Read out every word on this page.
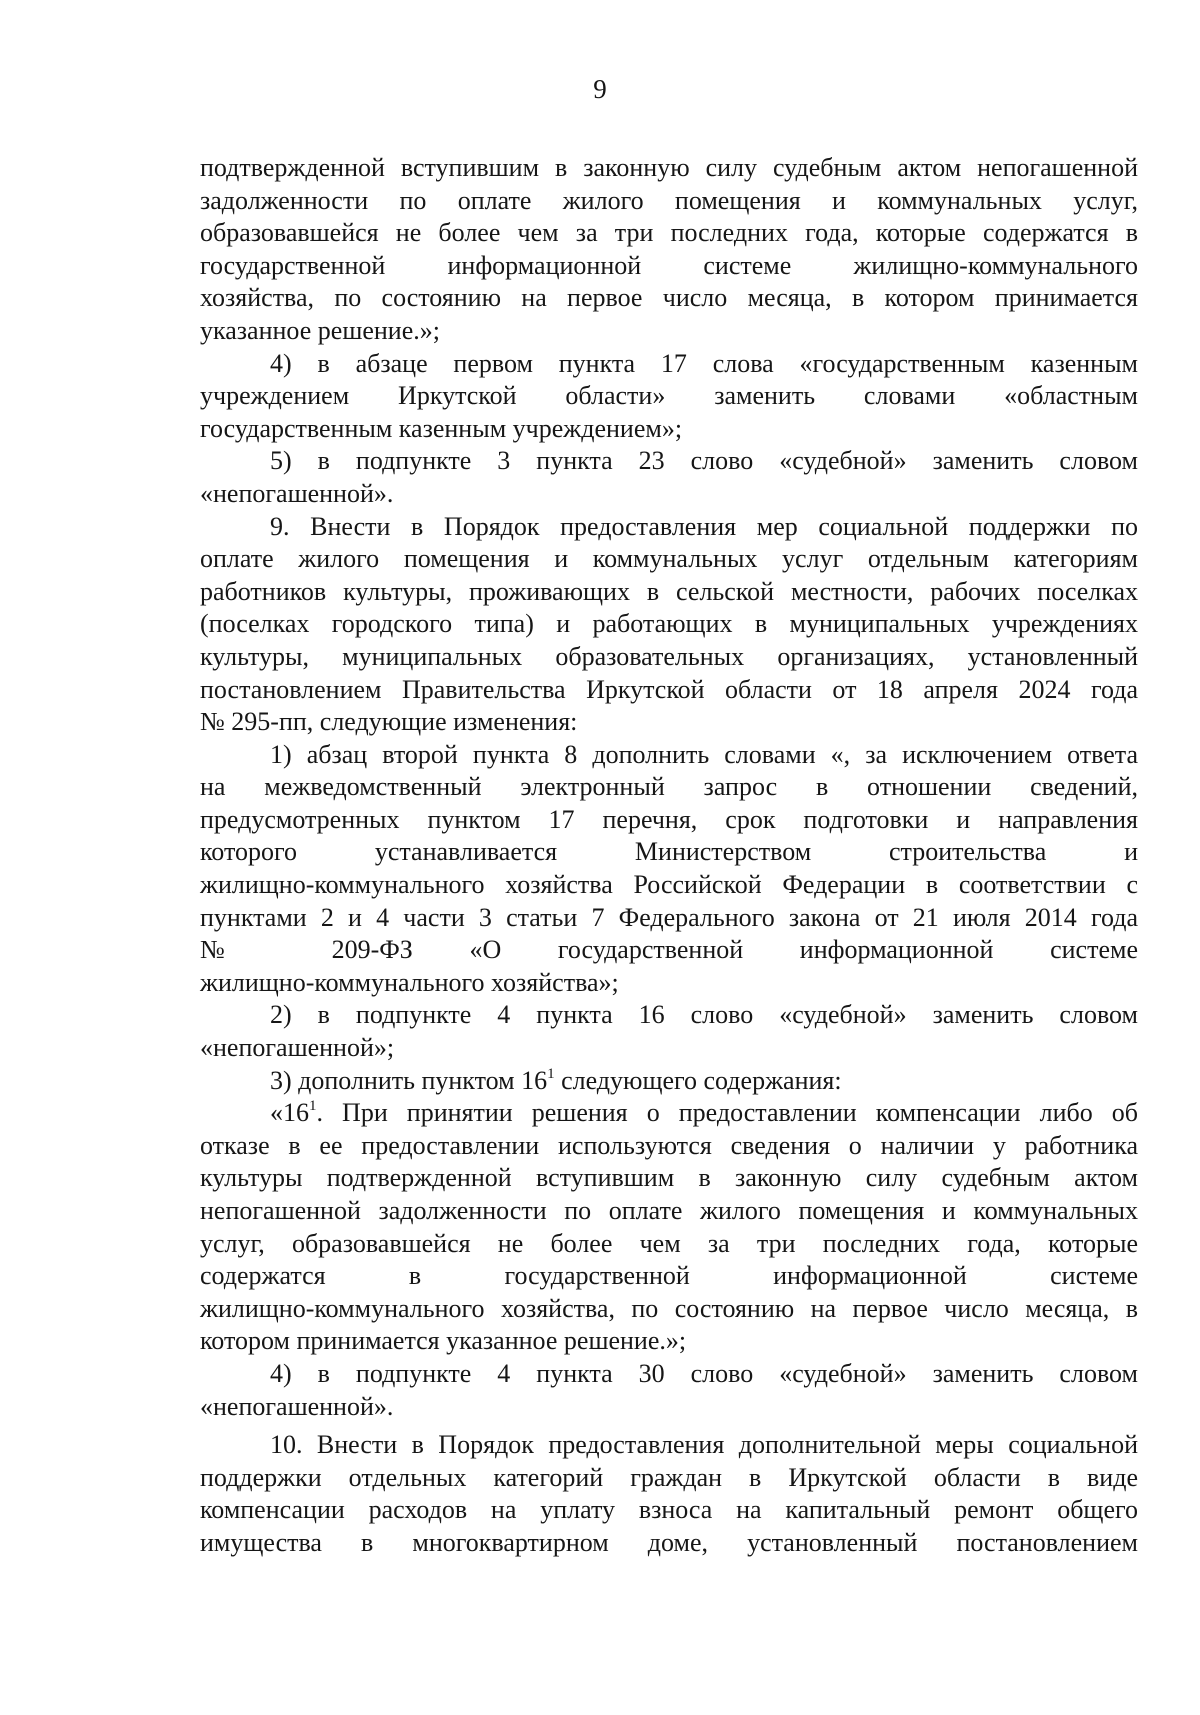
9
подтвержденной вступившим в законную силу судебным актом непогашенной
задолженности по оплате жилого помещения и коммунальных услуг,
образовавшейся не более чем за три последних года, которые содержатся в
государственной информационной системе жилищно-коммунального
хозяйства, по состоянию на первое число месяца, в котором принимается
указанное решение.»;
4) в абзаце первом пункта 17 слова «государственным казенным
учреждением Иркутской области» заменить словами «областным
государственным казенным учреждением»;
5) в подпункте 3 пункта 23 слово «судебной» заменить словом
«непогашенной».
9. Внести в Порядок предоставления мер социальной поддержки по
оплате жилого помещения и коммунальных услуг отдельным категориям
работников культуры, проживающих в сельской местности, рабочих поселках
(поселках городского типа) и работающих в муниципальных учреждениях
культуры, муниципальных образовательных организациях, установленный
постановлением Правительства Иркутской области от 18 апреля 2024 года
№ 295-пп, следующие изменения:
1) абзац второй пункта 8 дополнить словами «, за исключением ответа
на межведомственный электронный запрос в отношении сведений,
предусмотренных пунктом 17 перечня, срок подготовки и направления
которого устанавливается Министерством строительства и
жилищно-коммунального хозяйства Российской Федерации в соответствии с
пунктами 2 и 4 части 3 статьи 7 Федерального закона от 21 июля 2014 года
№ 209-ФЗ «О государственной информационной системе
жилищно-коммунального хозяйства»;
2) в подпункте 4 пункта 16 слово «судебной» заменить словом
«непогашенной»;
3) дополнить пунктом $16^1$ следующего содержания:
«$16^1$. При принятии решения о предоставлении компенсации либо об
отказе в ее предоставлении используются сведения о наличии у работника
культуры подтвержденной вступившим в законную силу судебным актом
непогашенной задолженности по оплате жилого помещения и коммунальных
услуг, образовавшейся не более чем за три последних года, которые
содержатся в государственной информационной системе
жилищно-коммунального хозяйства, по состоянию на первое число месяца, в
котором принимается указанное решение.»;
4) в подпункте 4 пункта 30 слово «судебной» заменить словом
«непогашенной».
10. Внести в Порядок предоставления дополнительной меры социальной
поддержки отдельных категорий граждан в Иркутской области в виде
компенсации расходов на уплату взноса на капитальный ремонт общего
имущества в многоквартирном доме, установленный постановлением
